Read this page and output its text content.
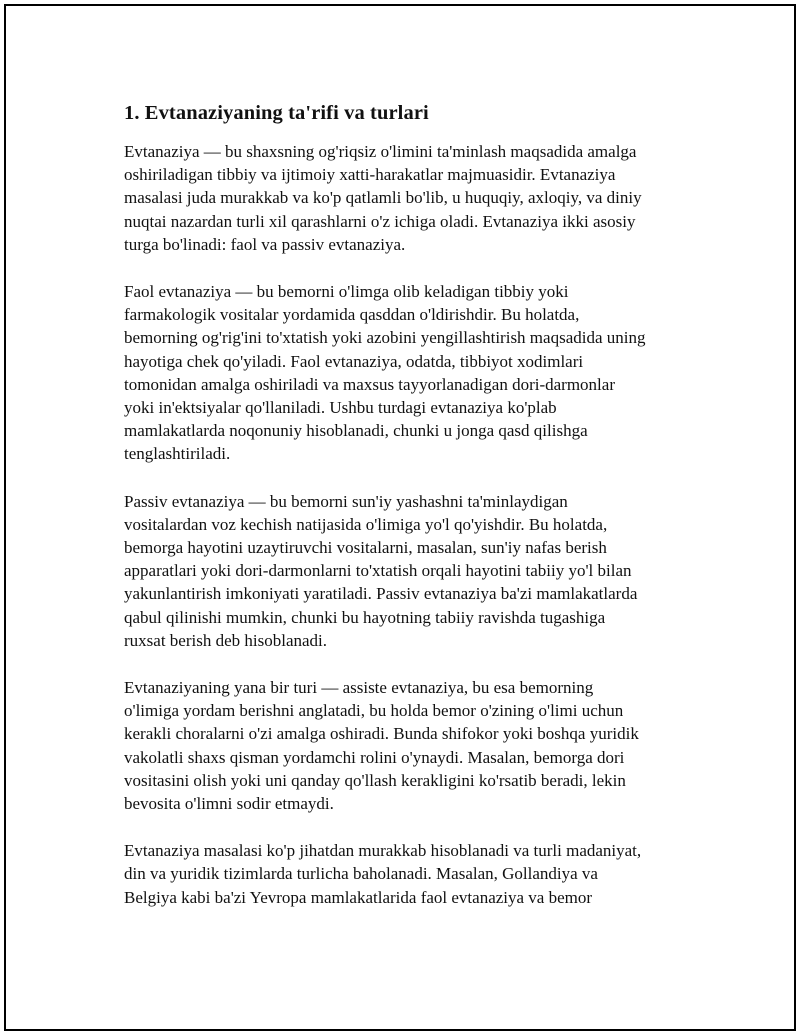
1. Evtanaziyaning ta'rifi va turlari
Evtanaziya — bu shaxsning og'riqsiz o'limini ta'minlash maqsadida amalga
oshiriladigan tibbiy va ijtimoiy xatti-harakatlar majmuasidir. Evtanaziya
masalasi juda murakkab va ko'p qatlamli bo'lib, u huquqiy, axloqiy, va diniy
nuqtai nazardan turli xil qarashlarni o'z ichiga oladi. Evtanaziya ikki asosiy
turga bo'linadi: faol va passiv evtanaziya.
Faol evtanaziya — bu bemorni o'limga olib keladigan tibbiy yoki
farmakologik vositalar yordamida qasddan o'ldirishdir. Bu holatda,
bemorning og'rig'ini to'xtatish yoki azobini yengillashtirish maqsadida uning
hayotiga chek qo'yiladi. Faol evtanaziya, odatda, tibbiyot xodimlari
tomonidan amalga oshiriladi va maxsus tayyorlanadigan dori-darmonlar
yoki in'ektsiyalar qo'llaniladi. Ushbu turdagi evtanaziya ko'plab
mamlakatlarda noqonuniy hisoblanadi, chunki u jonga qasd qilishga
tenglashtiriladi.
Passiv evtanaziya — bu bemorni sun'iy yashashni ta'minlaydigan
vositalardan voz kechish natijasida o'limiga yo'l qo'yishdir. Bu holatda,
bemorga hayotini uzaytiruvchi vositalarni, masalan, sun'iy nafas berish
apparatlari yoki dori-darmonlarni to'xtatish orqali hayotini tabiiy yo'l bilan
yakunlantirish imkoniyati yaratiladi. Passiv evtanaziya ba'zi mamlakatlarda
qabul qilinishi mumkin, chunki bu hayotning tabiiy ravishda tugashiga
ruxsat berish deb hisoblanadi.
Evtanaziyaning yana bir turi — assiste evtanaziya, bu esa bemorning
o'limiga yordam berishni anglatadi, bu holda bemor o'zining o'limi uchun
kerakli choralarni o'zi amalga oshiradi. Bunda shifokor yoki boshqa yuridik
vakolatli shaxs qisman yordamchi rolini o'ynaydi. Masalan, bemorga dori
vositasini olish yoki uni qanday qo'llash kerakligini ko'rsatib beradi, lekin
bevosita o'limni sodir etmaydi.
Evtanaziya masalasi ko'p jihatdan murakkab hisoblanadi va turli madaniyat,
din va yuridik tizimlarda turlicha baholanadi. Masalan, Gollandiya va
Belgiya kabi ba'zi Yevropa mamlakatlarida faol evtanaziya va bemor
